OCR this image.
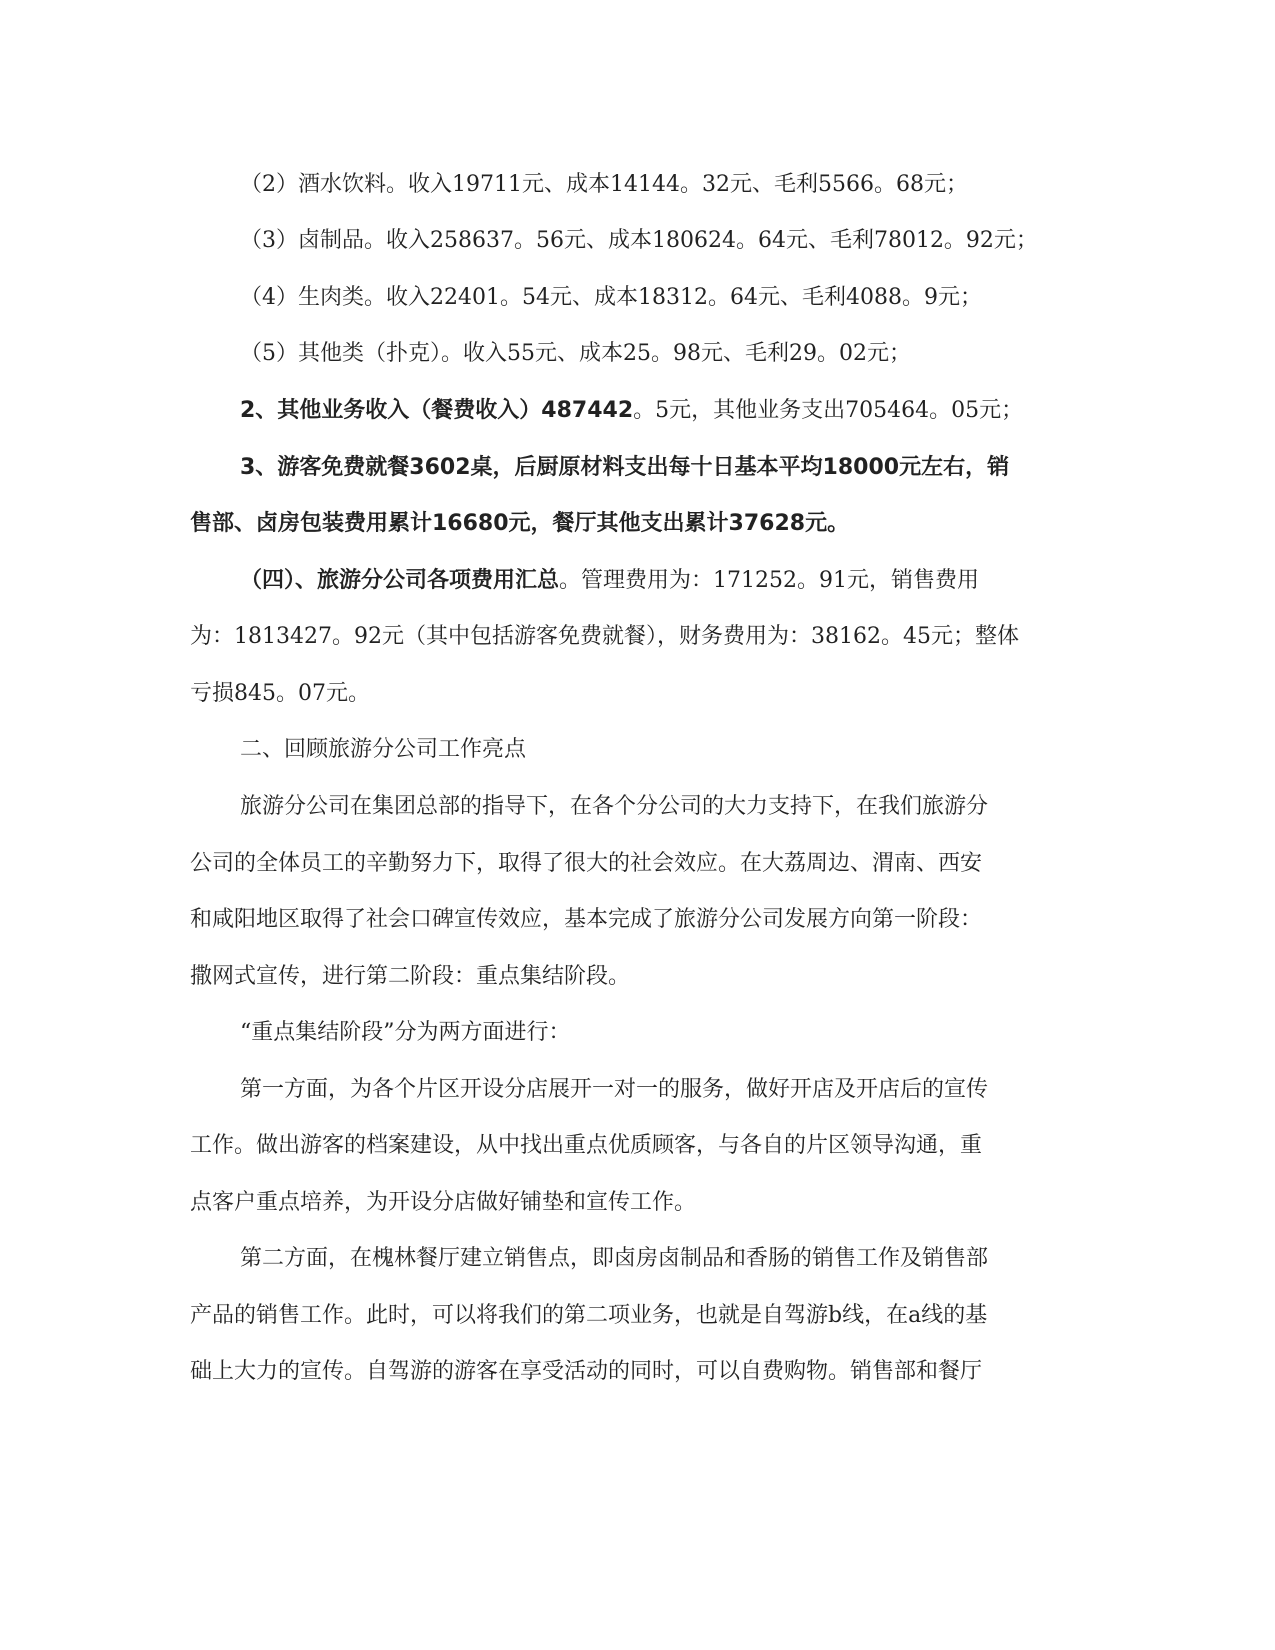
（2）酒水饮料。收入19711元、成本14144。32元、毛利5566。68元；
（3）卤制品。收入258637。56元、成本180624。64元、毛利78012。92元；
（4）生肉类。收入22401。54元、成本18312。64元、毛利4088。9元；
（5）其他类（扑克）。收入55元、成本25。98元、毛利29。02元；
2、其他业务收入（餐费收入）487442。5元，其他业务支出705464。05元；
3、游客免费就餐3602桌，后厨原材料支出每十日基本平均18000元左右，销
售部、卤房包装费用累计16680元，餐厅其他支出累计37628元。
（四）、旅游分公司各项费用汇总。管理费用为：171252。91元，销售费用
为：1813427。92元（其中包括游客免费就餐），财务费用为：38162。45元；整体
亏损845。07元。
二、回顾旅游分公司工作亮点
旅游分公司在集团总部的指导下，在各个分公司的大力支持下，在我们旅游分
公司的全体员工的辛勤努力下，取得了很大的社会效应。在大荔周边、渭南、西安
和咸阳地区取得了社会口碑宣传效应，基本完成了旅游分公司发展方向第一阶段：
撒网式宣传，进行第二阶段：重点集结阶段。
“重点集结阶段”分为两方面进行：
第一方面，为各个片区开设分店展开一对一的服务，做好开店及开店后的宣传
工作。做出游客的档案建设，从中找出重点优质顾客，与各自的片区领导沟通，重
点客户重点培养，为开设分店做好铺垫和宣传工作。
第二方面，在槐林餐厅建立销售点，即卤房卤制品和香肠的销售工作及销售部
产品的销售工作。此时，可以将我们的第二项业务，也就是自驾游b线，在a线的基
础上大力的宣传。自驾游的游客在享受活动的同时，可以自费购物。销售部和餐厅
